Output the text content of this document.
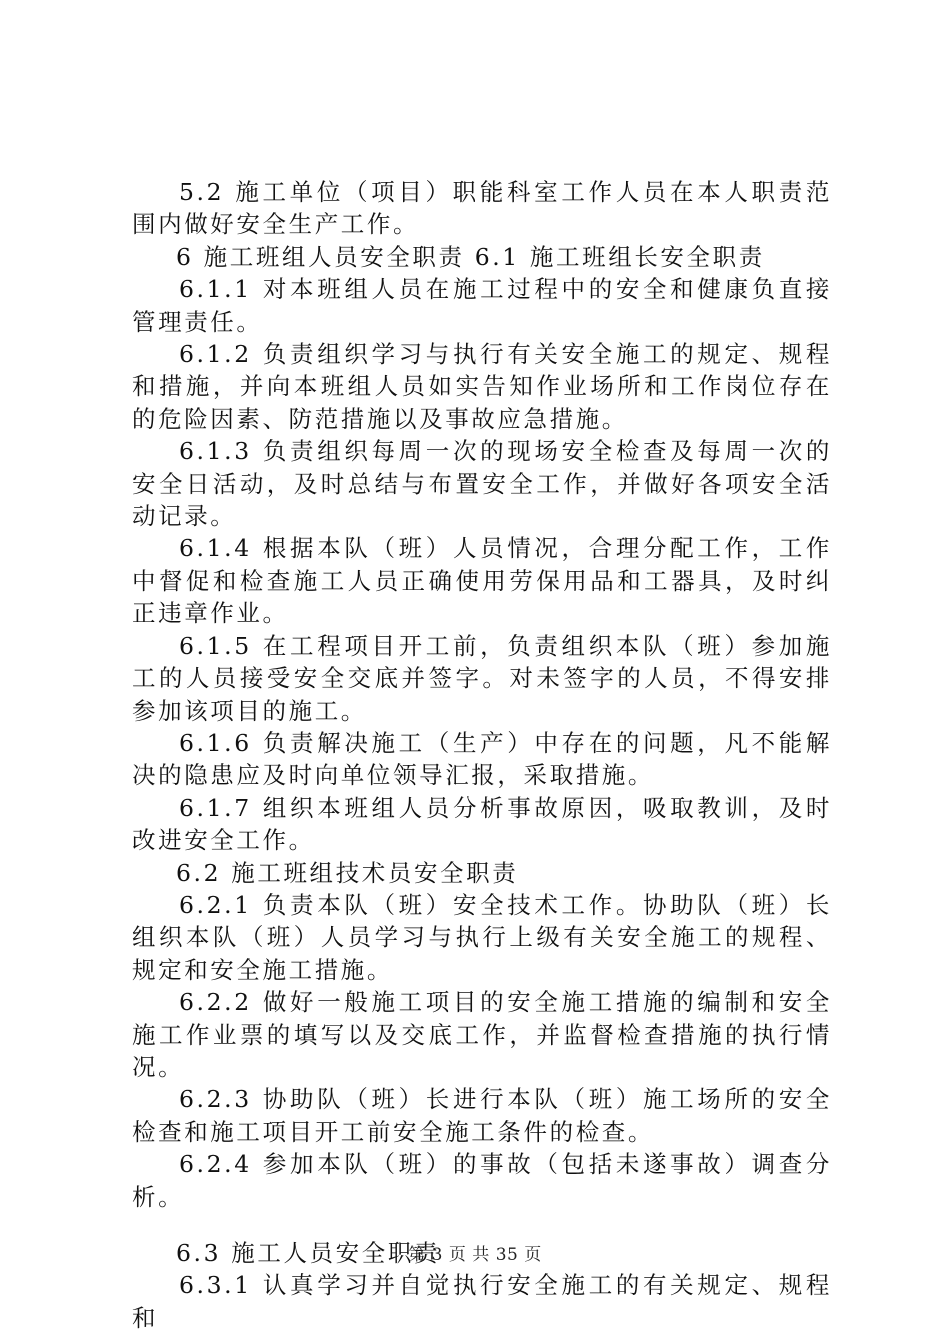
5.2 施工单位（项目）职能科室工作人员在本人职责范围内做好安全生产工作。

6 施工班组人员安全职责 6.1 施工班组长安全职责

6.1.1 对本班组人员在施工过程中的安全和健康负直接管理责任。

6.1.2 负责组织学习与执行有关安全施工的规定、规程和措施，并向本班组人员如实告知作业场所和工作岗位存在的危险因素、防范措施以及事故应急措施。

6.1.3 负责组织每周一次的现场安全检查及每周一次的安全日活动，及时总结与布置安全工作，并做好各项安全活动记录。

6.1.4 根据本队（班）人员情况，合理分配工作，工作中督促和检查施工人员正确使用劳保用品和工器具，及时纠正违章作业。

6.1.5 在工程项目开工前，负责组织本队（班）参加施工的人员接受安全交底并签字。对未签字的人员，不得安排参加该项目的施工。

6.1.6 负责解决施工（生产）中存在的问题，凡不能解决的隐患应及时向单位领导汇报，采取措施。

6.1.7 组织本班组人员分析事故原因，吸取教训，及时改进安全工作。

6.2 施工班组技术员安全职责

6.2.1 负责本队（班）安全技术工作。协助队（班）长组织本队（班）人员学习与执行上级有关安全施工的规程、规定和安全施工措施。

6.2.2 做好一般施工项目的安全施工措施的编制和安全施工作业票的填写以及交底工作，并监督检查措施的执行情况。

6.2.3 协助队（班）长进行本队（班）施工场所的安全检查和施工项目开工前安全施工条件的检查。

6.2.4 参加本队（班）的事故（包括未遂事故）调查分析。

6.3 施工人员安全职责

6.3.1 认真学习并自觉执行安全施工的有关规定、规程和

第 3 页 共 35 页
